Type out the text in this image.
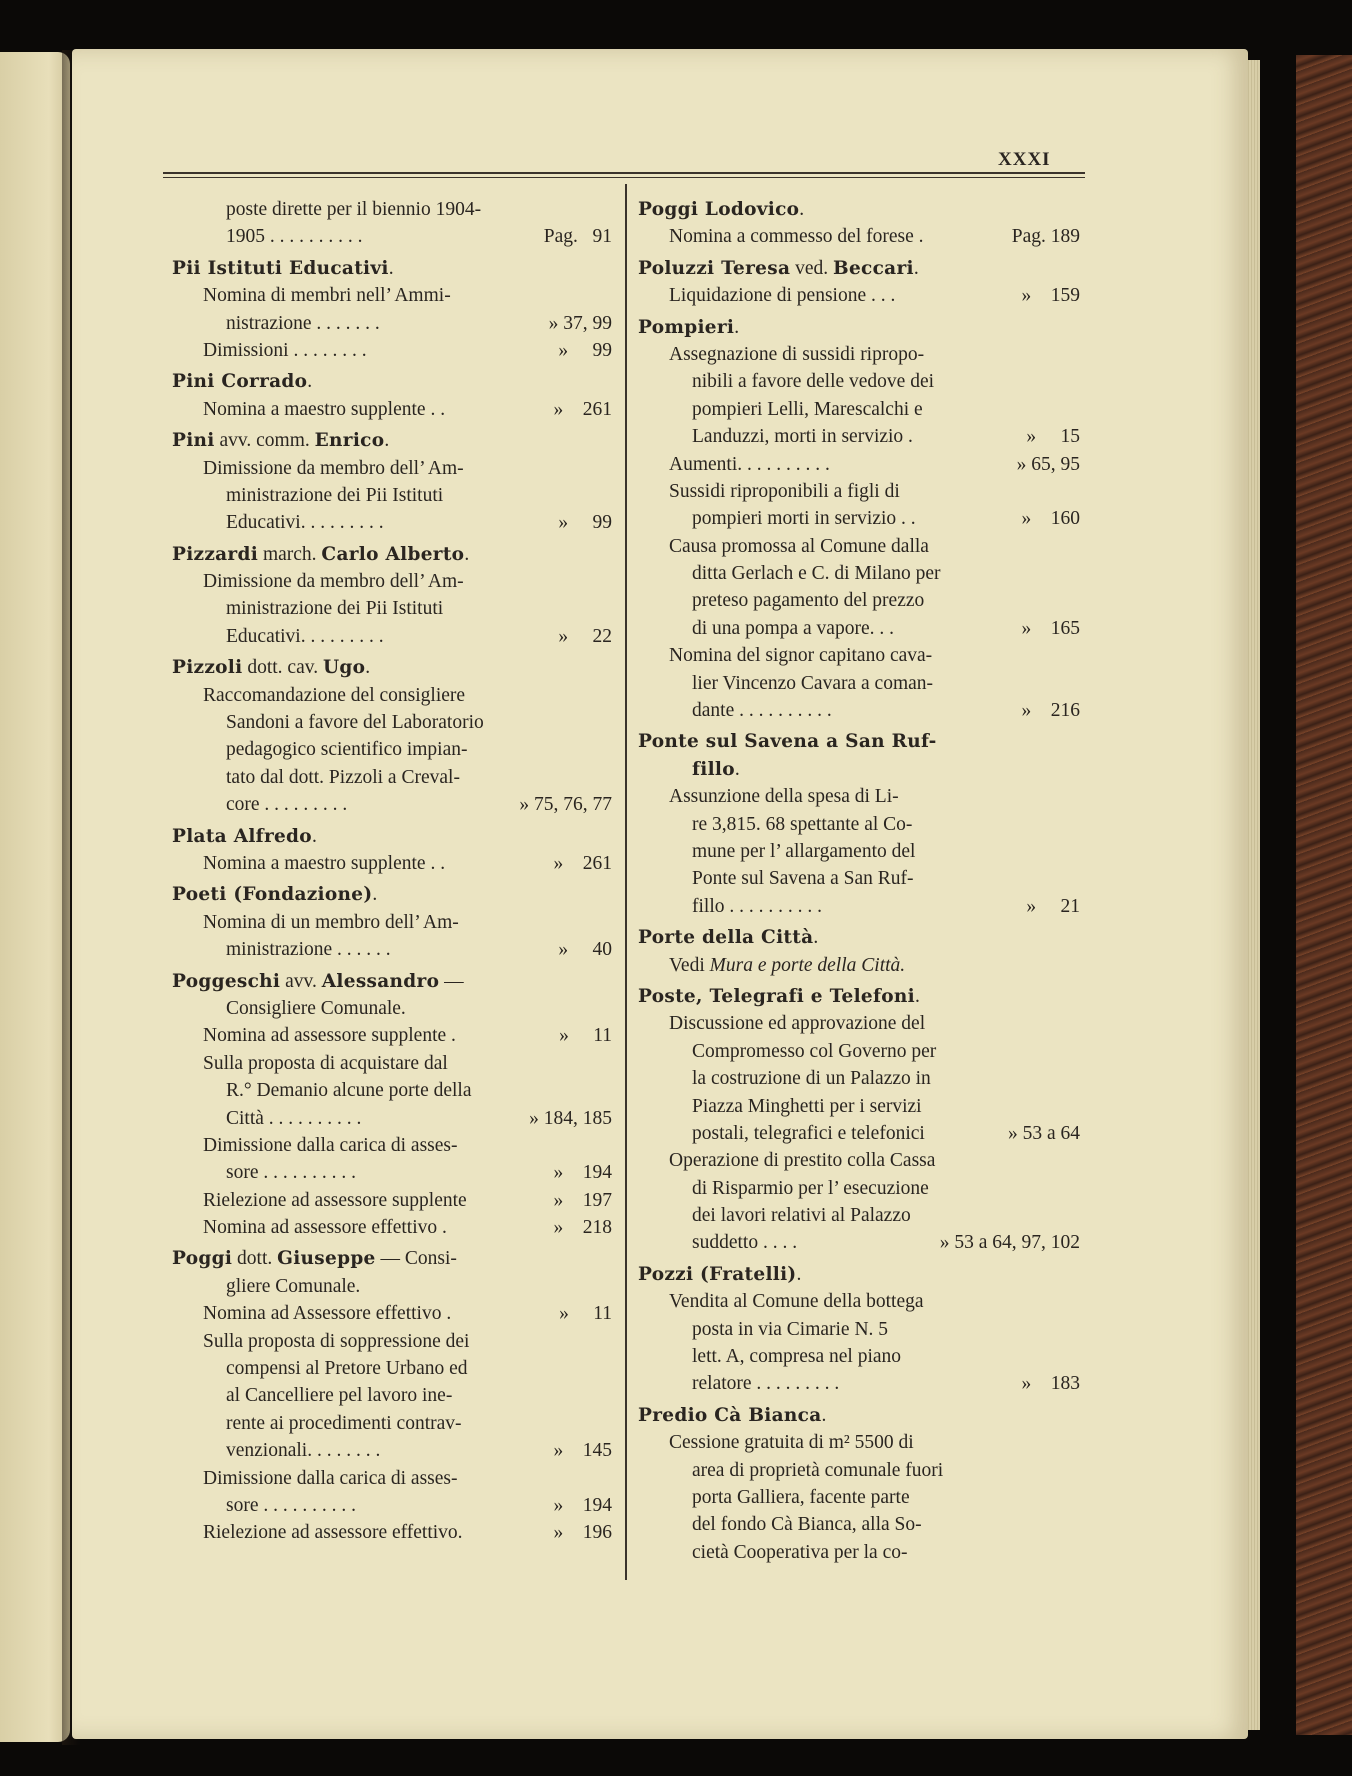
XXXI
poste dirette per il biennio 1904-
1905 . . . . . . . . . .	Pag.   91
Pii Istituti Educativi.
Nomina di membri nell’ Ammi-
nistrazione . . . . . . .	» 37, 99
Dimissioni . . . . . . . .	»     99
Pini Corrado.
Nomina a maestro supplente . .	»    261
Pini avv. comm. Enrico.
Dimissione da membro dell’ Am-
ministrazione dei Pii Istituti
Educativi. . . . . . . . .	»     99
Pizzardi march. Carlo Alberto.
Dimissione da membro dell’ Am-
ministrazione dei Pii Istituti
Educativi. . . . . . . . .	»     22
Pizzoli dott. cav. Ugo.
Raccomandazione del consigliere
Sandoni a favore del Laboratorio
pedagogico scientifico impian-
tato dal dott. Pizzoli a Creval-
core . . . . . . . . .	» 75, 76, 77
Plata Alfredo.
Nomina a maestro supplente . .	»    261
Poeti (Fondazione).
Nomina di un membro dell’ Am-
ministrazione . . . . . .	»     40
Poggeschi avv. Alessandro —
Consigliere Comunale.
Nomina ad assessore supplente .	»     11
Sulla proposta di acquistare dal
R.° Demanio alcune porte della
Città . . . . . . . . . .	» 184, 185
Dimissione dalla carica di asses-
sore . . . . . . . . . .	»    194
Rielezione ad assessore supplente	»    197
Nomina ad assessore effettivo .	»    218
Poggi dott. Giuseppe — Consi-
gliere Comunale.
Nomina ad Assessore effettivo .	»     11
Sulla proposta di soppressione dei
compensi al Pretore Urbano ed
al Cancelliere pel lavoro ine-
rente ai procedimenti contrav-
venzionali. . . . . . . .	»    145
Dimissione dalla carica di asses-
sore . . . . . . . . . .	»    194
Rielezione ad assessore effettivo.	»    196
Poggi Lodovico.
Nomina a commesso del forese .	Pag. 189
Poluzzi Teresa ved. Beccari.
Liquidazione di pensione . . .	»    159
Pompieri.
Assegnazione di sussidi ripropo-
nibili a favore delle vedove dei
pompieri Lelli, Marescalchi e
Landuzzi, morti in servizio .	»     15
Aumenti. . . . . . . . . .	» 65, 95
Sussidi riproponibili a figli di
pompieri morti in servizio . .	»    160
Causa promossa al Comune dalla
ditta Gerlach e C. di Milano per
preteso pagamento del prezzo
di una pompa a vapore. . .	»    165
Nomina del signor capitano cava-
lier Vincenzo Cavara a coman-
dante . . . . . . . . . .	»    216
Ponte sul Savena a San Ruf-
fillo.
Assunzione della spesa di Li-
re 3,815. 68 spettante al Co-
mune per l’ allargamento del
Ponte sul Savena a San Ruf-
fillo . . . . . . . . . .	»     21
Porte della Città.
Vedi Mura e porte della Città.
Poste, Telegrafi e Telefoni.
Discussione ed approvazione del
Compromesso col Governo per
la costruzione di un Palazzo in
Piazza Minghetti per i servizi
postali, telegrafici e telefonici	» 53 a 64
Operazione di prestito colla Cassa
di Risparmio per l’ esecuzione
dei lavori relativi al Palazzo
suddetto . . . .	» 53 a 64, 97, 102
Pozzi (Fratelli).
Vendita al Comune della bottega
posta in via Cimarie N. 5
lett. A, compresa nel piano
relatore . . . . . . . . .	»    183
Predio Cà Bianca.
Cessione gratuita di m² 5500 di
area di proprietà comunale fuori
porta Galliera, facente parte
del fondo Cà Bianca, alla So-
cietà Cooperativa per la co-
